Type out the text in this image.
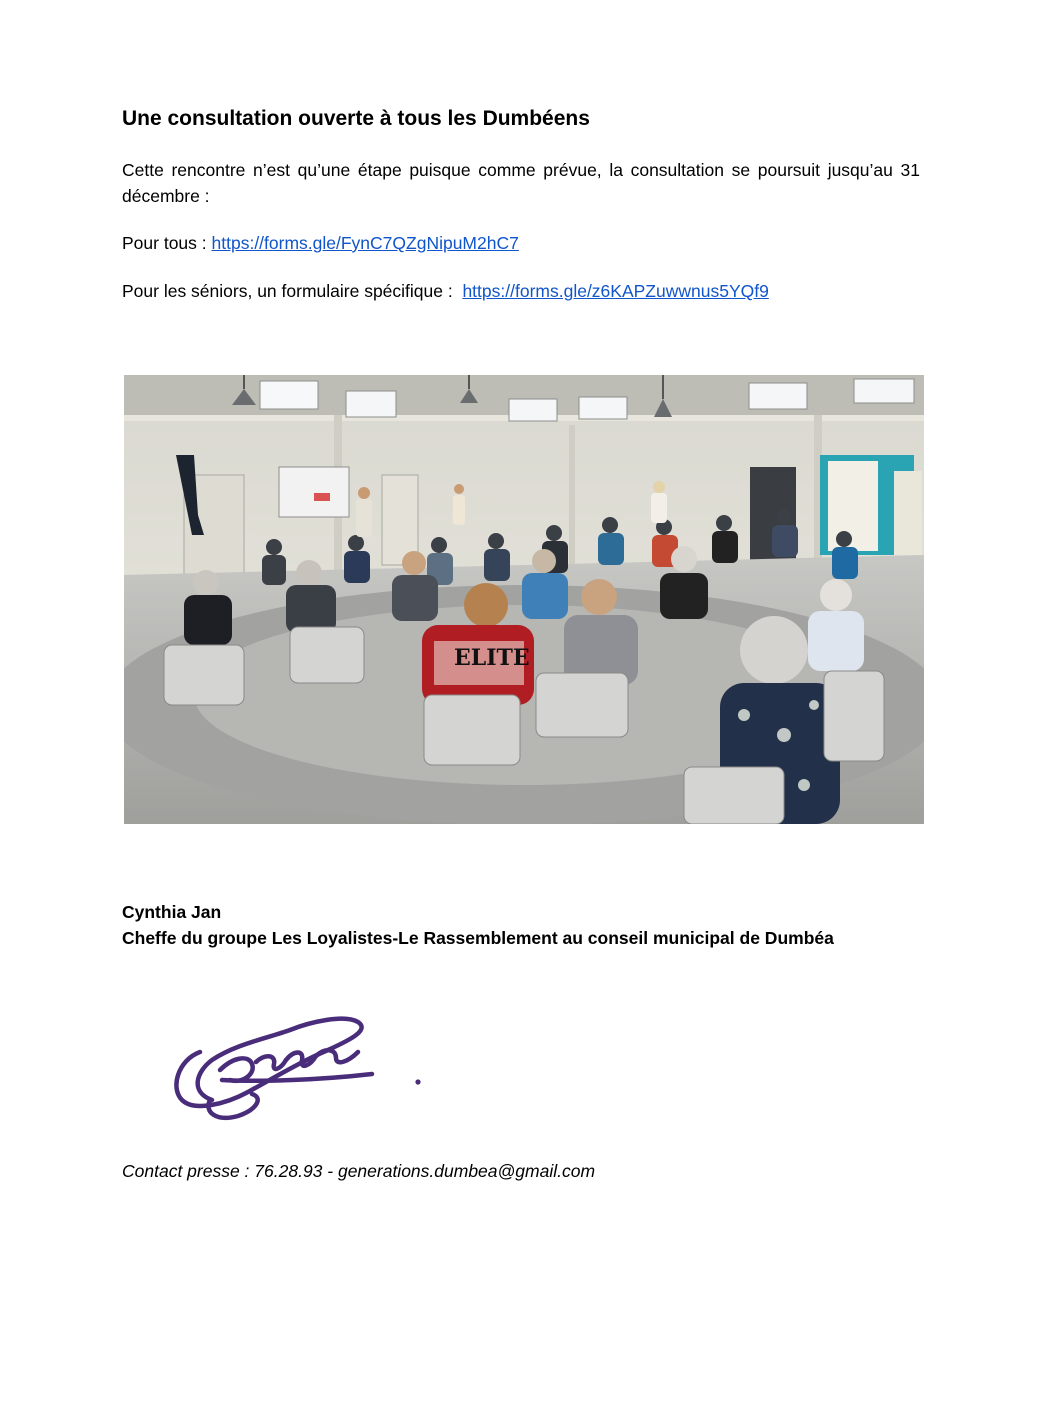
Une consultation ouverte à tous les Dumbéens

Cette rencontre n’est qu’une étape puisque comme prévue, la consultation se poursuit jusqu’au 31 décembre :

Pour tous : https://forms.gle/FynC7QZgNipuM2hC7

Pour les séniors, un formulaire spécifique : https://forms.gle/z6KAPZuwwnus5YQf9

ELITE

Cynthia Jan
Cheffe du groupe Les Loyalistes-Le Rassemblement au conseil municipal de Dumbéa

Contact presse : 76.28.93 - generations.dumbea@gmail.com
